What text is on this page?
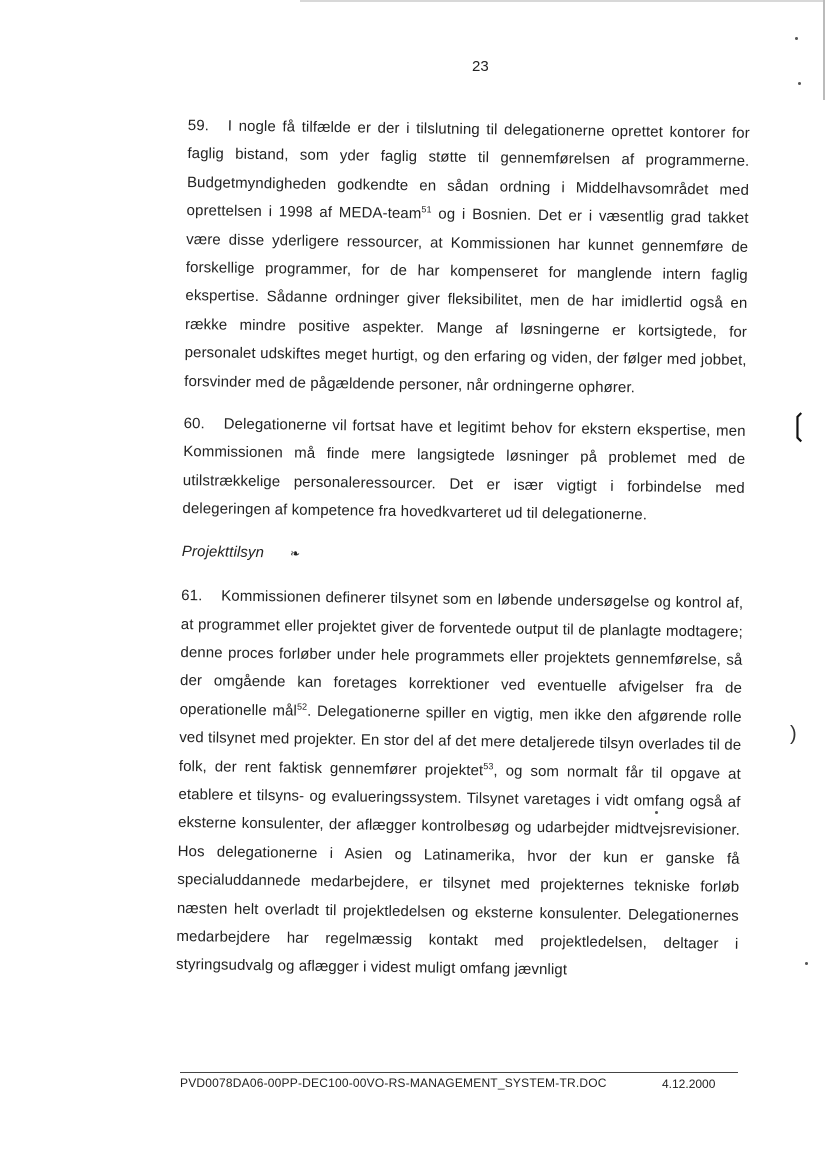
23

59. I nogle få tilfælde er der i tilslutning til delegationerne oprettet kontorer for faglig bistand, som yder faglig støtte til gennemførelsen af programmerne. Budgetmyndigheden godkendte en sådan ordning i Middelhavsområdet med oprettelsen i 1998 af MEDA-team$^{51}$ og i Bosnien. Det er i væsentlig grad takket være disse yderligere ressourcer, at Kommissionen har kunnet gennemføre de forskellige programmer, for de har kompenseret for manglende intern faglig ekspertise. Sådanne ordninger giver fleksibilitet, men de har imidlertid også en række mindre positive aspekter. Mange af løsningerne er kortsigtede, for personalet udskiftes meget hurtigt, og den erfaring og viden, der følger med jobbet, forsvinder med de pågældende personer, når ordningerne ophører.

60. Delegationerne vil fortsat have et legitimt behov for ekstern ekspertise, men Kommissionen må finde mere langsigtede løsninger på problemet med de utilstrækkelige personaleressourcer. Det er især vigtigt i forbindelse med delegeringen af kompetence fra hovedkvarteret ud til delegationerne.

Projekttilsyn ❧

61. Kommissionen definerer tilsynet som en løbende undersøgelse og kontrol af, at programmet eller projektet giver de forventede output til de planlagte modtagere; denne proces forløber under hele programmets eller projektets gennemførelse, så der omgående kan foretages korrektioner ved eventuelle afvigelser fra de operationelle mål$^{52}$. Delegationerne spiller en vigtig, men ikke den afgørende rolle ved tilsynet med projekter. En stor del af det mere detaljerede tilsyn overlades til de folk, der rent faktisk gennemfører projektet$^{53}$, og som normalt får til opgave at etablere et tilsyns- og evalueringssystem. Tilsynet varetages i vidt omfang også af eksterne konsulenter, der aflægger kontrolbesøg og udarbejder midtvejsrevisioner. Hos delegationerne i Asien og Latinamerika, hvor der kun er ganske få specialuddannede medarbejdere, er tilsynet med projekternes tekniske forløb næsten helt overladt til projektledelsen og eksterne konsulenter. Delegationernes medarbejdere har regelmæssig kontakt med projektledelsen, deltager i styringsudvalg og aflægger i videst muligt omfang jævnligt

❲
)
PVD0078DA06-00PP-DEC100-00VO-RS-MANAGEMENT_SYSTEM-TR.DOC	4.12.2000
